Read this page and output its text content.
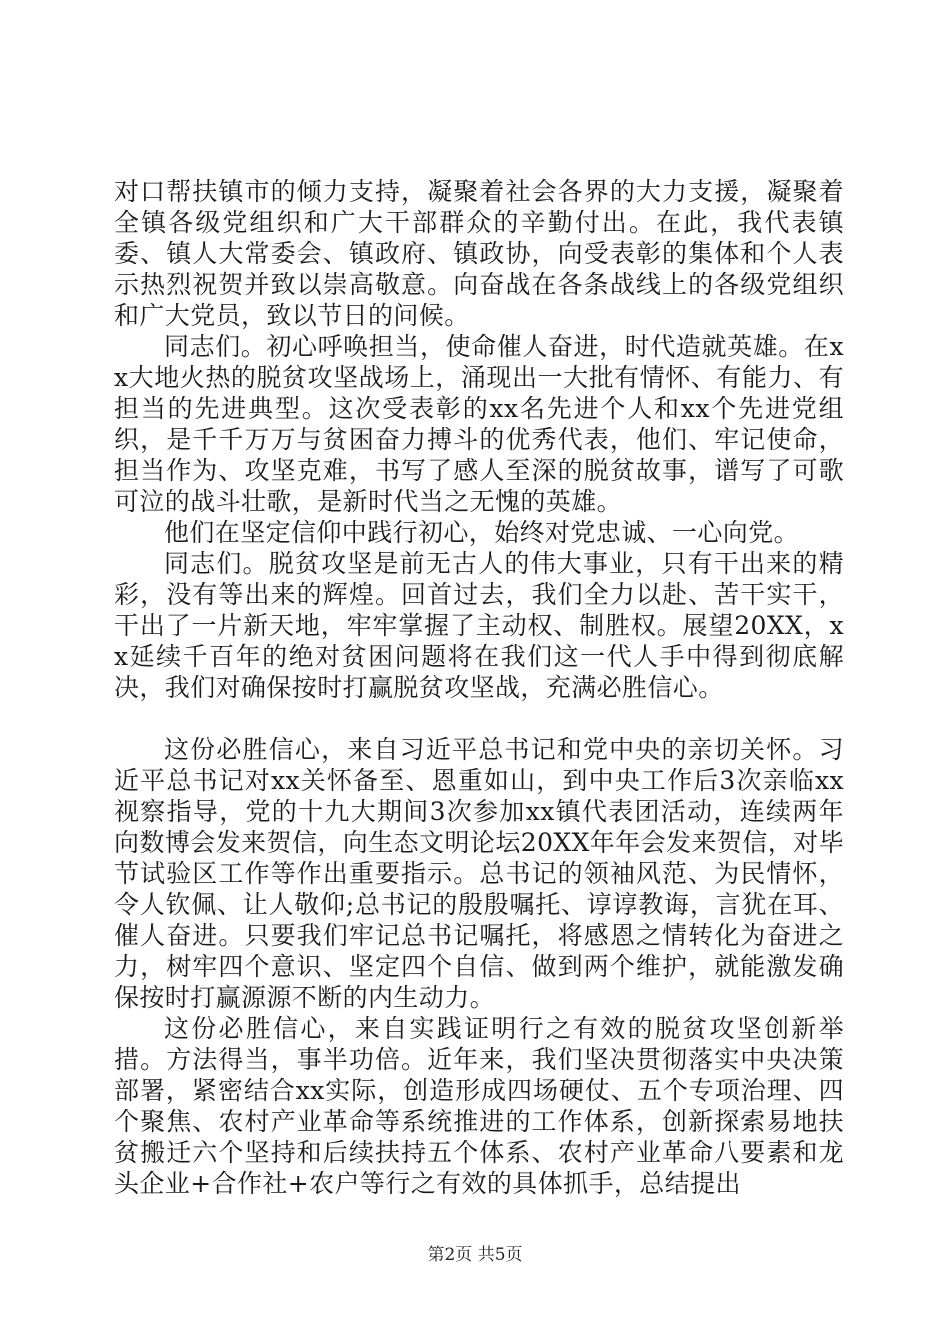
对口帮扶镇市的倾力支持，凝聚着社会各界的大力支援，凝聚着全镇各级党组织和广大干部群众的辛勤付出。在此，我代表镇委、镇人大常委会、镇政府、镇政协，向受表彰的集体和个人表示热烈祝贺并致以崇高敬意。向奋战在各条战线上的各级党组织和广大党员，致以节日的问候。

同志们。初心呼唤担当，使命催人奋进，时代造就英雄。在xx大地火热的脱贫攻坚战场上，涌现出一大批有情怀、有能力、有担当的先进典型。这次受表彰的xx名先进个人和xx个先进党组织，是千千万万与贫困奋力搏斗的优秀代表，他们、牢记使命，担当作为、攻坚克难，书写了感人至深的脱贫故事，谱写了可歌可泣的战斗壮歌，是新时代当之无愧的英雄。

他们在坚定信仰中践行初心，始终对党忠诚、一心向党。

同志们。脱贫攻坚是前无古人的伟大事业，只有干出来的精彩，没有等出来的辉煌。回首过去，我们全力以赴、苦干实干，干出了一片新天地，牢牢掌握了主动权、制胜权。展望20XX，xx延续千百年的绝对贫困问题将在我们这一代人手中得到彻底解决，我们对确保按时打赢脱贫攻坚战，充满必胜信心。

这份必胜信心，来自习近平总书记和党中央的亲切关怀。习近平总书记对xx关怀备至、恩重如山，到中央工作后3次亲临xx视察指导，党的十九大期间3次参加xx镇代表团活动，连续两年向数博会发来贺信，向生态文明论坛20XX年年会发来贺信，对毕节试验区工作等作出重要指示。总书记的领袖风范、为民情怀，令人钦佩、让人敬仰;总书记的殷殷嘱托、谆谆教诲，言犹在耳、催人奋进。只要我们牢记总书记嘱托，将感恩之情转化为奋进之力，树牢四个意识、坚定四个自信、做到两个维护，就能激发确保按时打赢源源不断的内生动力。

这份必胜信心，来自实践证明行之有效的脱贫攻坚创新举措。方法得当，事半功倍。近年来，我们坚决贯彻落实中央决策部署，紧密结合xx实际，创造形成四场硬仗、五个专项治理、四个聚焦、农村产业革命等系统推进的工作体系，创新探索易地扶贫搬迁六个坚持和后续扶持五个体系、农村产业革命八要素和龙头企业+合作社+农户等行之有效的具体抓手，总结提出

第2页 共5页
